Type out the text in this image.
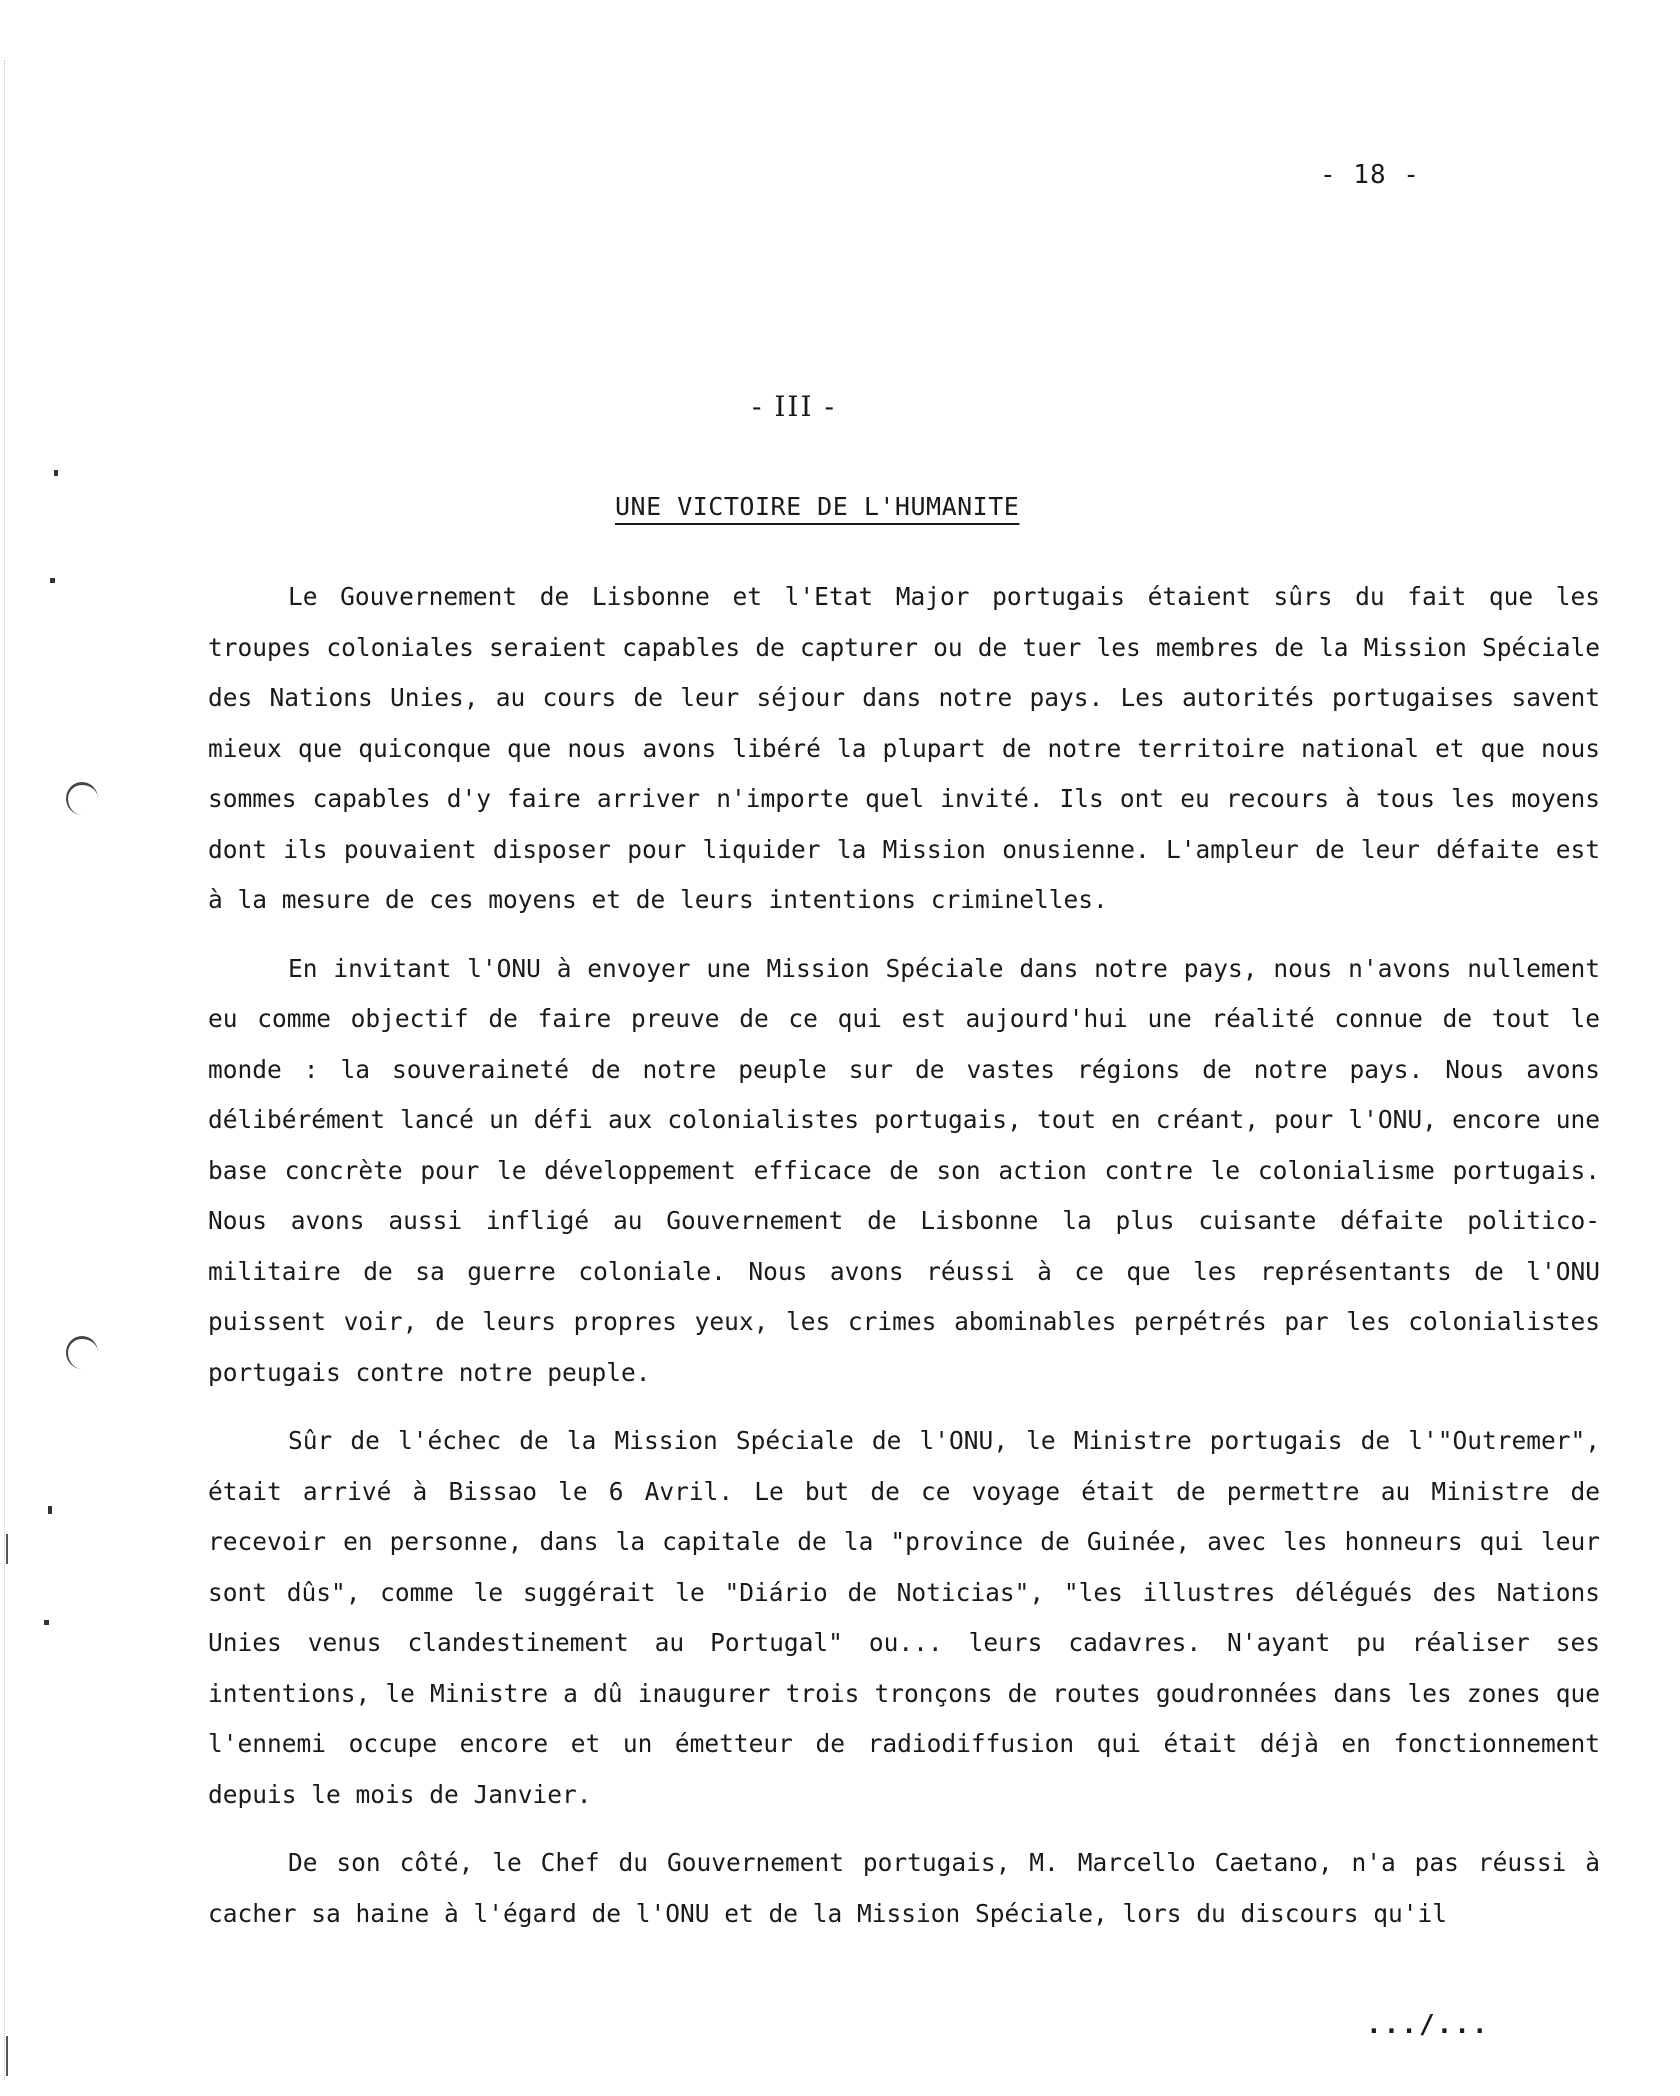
- 18 -
- III -
UNE VICTOIRE DE L'HUMANITE

Le Gouvernement de Lisbonne et l'Etat Major portugais étaient sûrs du fait que les troupes coloniales seraient capables de capturer ou de tuer les membres de la Mission Spéciale des Nations Unies, au cours de leur séjour dans notre pays. Les autorités portugaises savent mieux que quiconque que nous avons libéré la plupart de notre territoire national et que nous sommes capables d'y faire arriver n'importe quel invité. Ils ont eu recours à tous les moyens dont ils pouvaient disposer pour liquider la Mission onusienne. L'ampleur de leur défaite est à la mesure de ces moyens et de leurs intentions criminelles.

En invitant l'ONU à envoyer une Mission Spéciale dans notre pays, nous n'avons nullement eu comme objectif de faire preuve de ce qui est aujourd'hui une réalité connue de tout le monde : la souveraineté de notre peuple sur de vastes régions de notre pays. Nous avons délibérément lancé un défi aux colonialistes portugais, tout en créant, pour l'ONU, encore une base concrète pour le développement efficace de son action contre le colonialisme portugais. Nous avons aussi infligé au Gouvernement de Lisbonne la plus cuisante défaite politico-militaire de sa guerre coloniale. Nous avons réussi à ce que les représentants de l'ONU puissent voir, de leurs propres yeux, les crimes abominables perpétrés par les colonialistes portugais contre notre peuple.

Sûr de l'échec de la Mission Spéciale de l'ONU, le Ministre portugais de l'"Outremer", était arrivé à Bissao le 6 Avril. Le but de ce voyage était de permettre au Ministre de recevoir en personne, dans la capitale de la "province de Guinée, avec les honneurs qui leur sont dûs", comme le suggérait le "Diário de Noticias", "les illustres délégués des Nations Unies venus clandestinement au Portugal" ou... leurs cadavres. N'ayant pu réaliser ses intentions, le Ministre a dû inaugurer trois tronçons de routes goudronnées dans les zones que l'ennemi occupe encore et un émetteur de radiodiffusion qui était déjà en fonctionnement depuis le mois de Janvier.

De son côté, le Chef du Gouvernement portugais, M. Marcello Caetano, n'a pas réussi à cacher sa haine à l'égard de l'ONU et de la Mission Spéciale, lors du discours qu'il

.../...
